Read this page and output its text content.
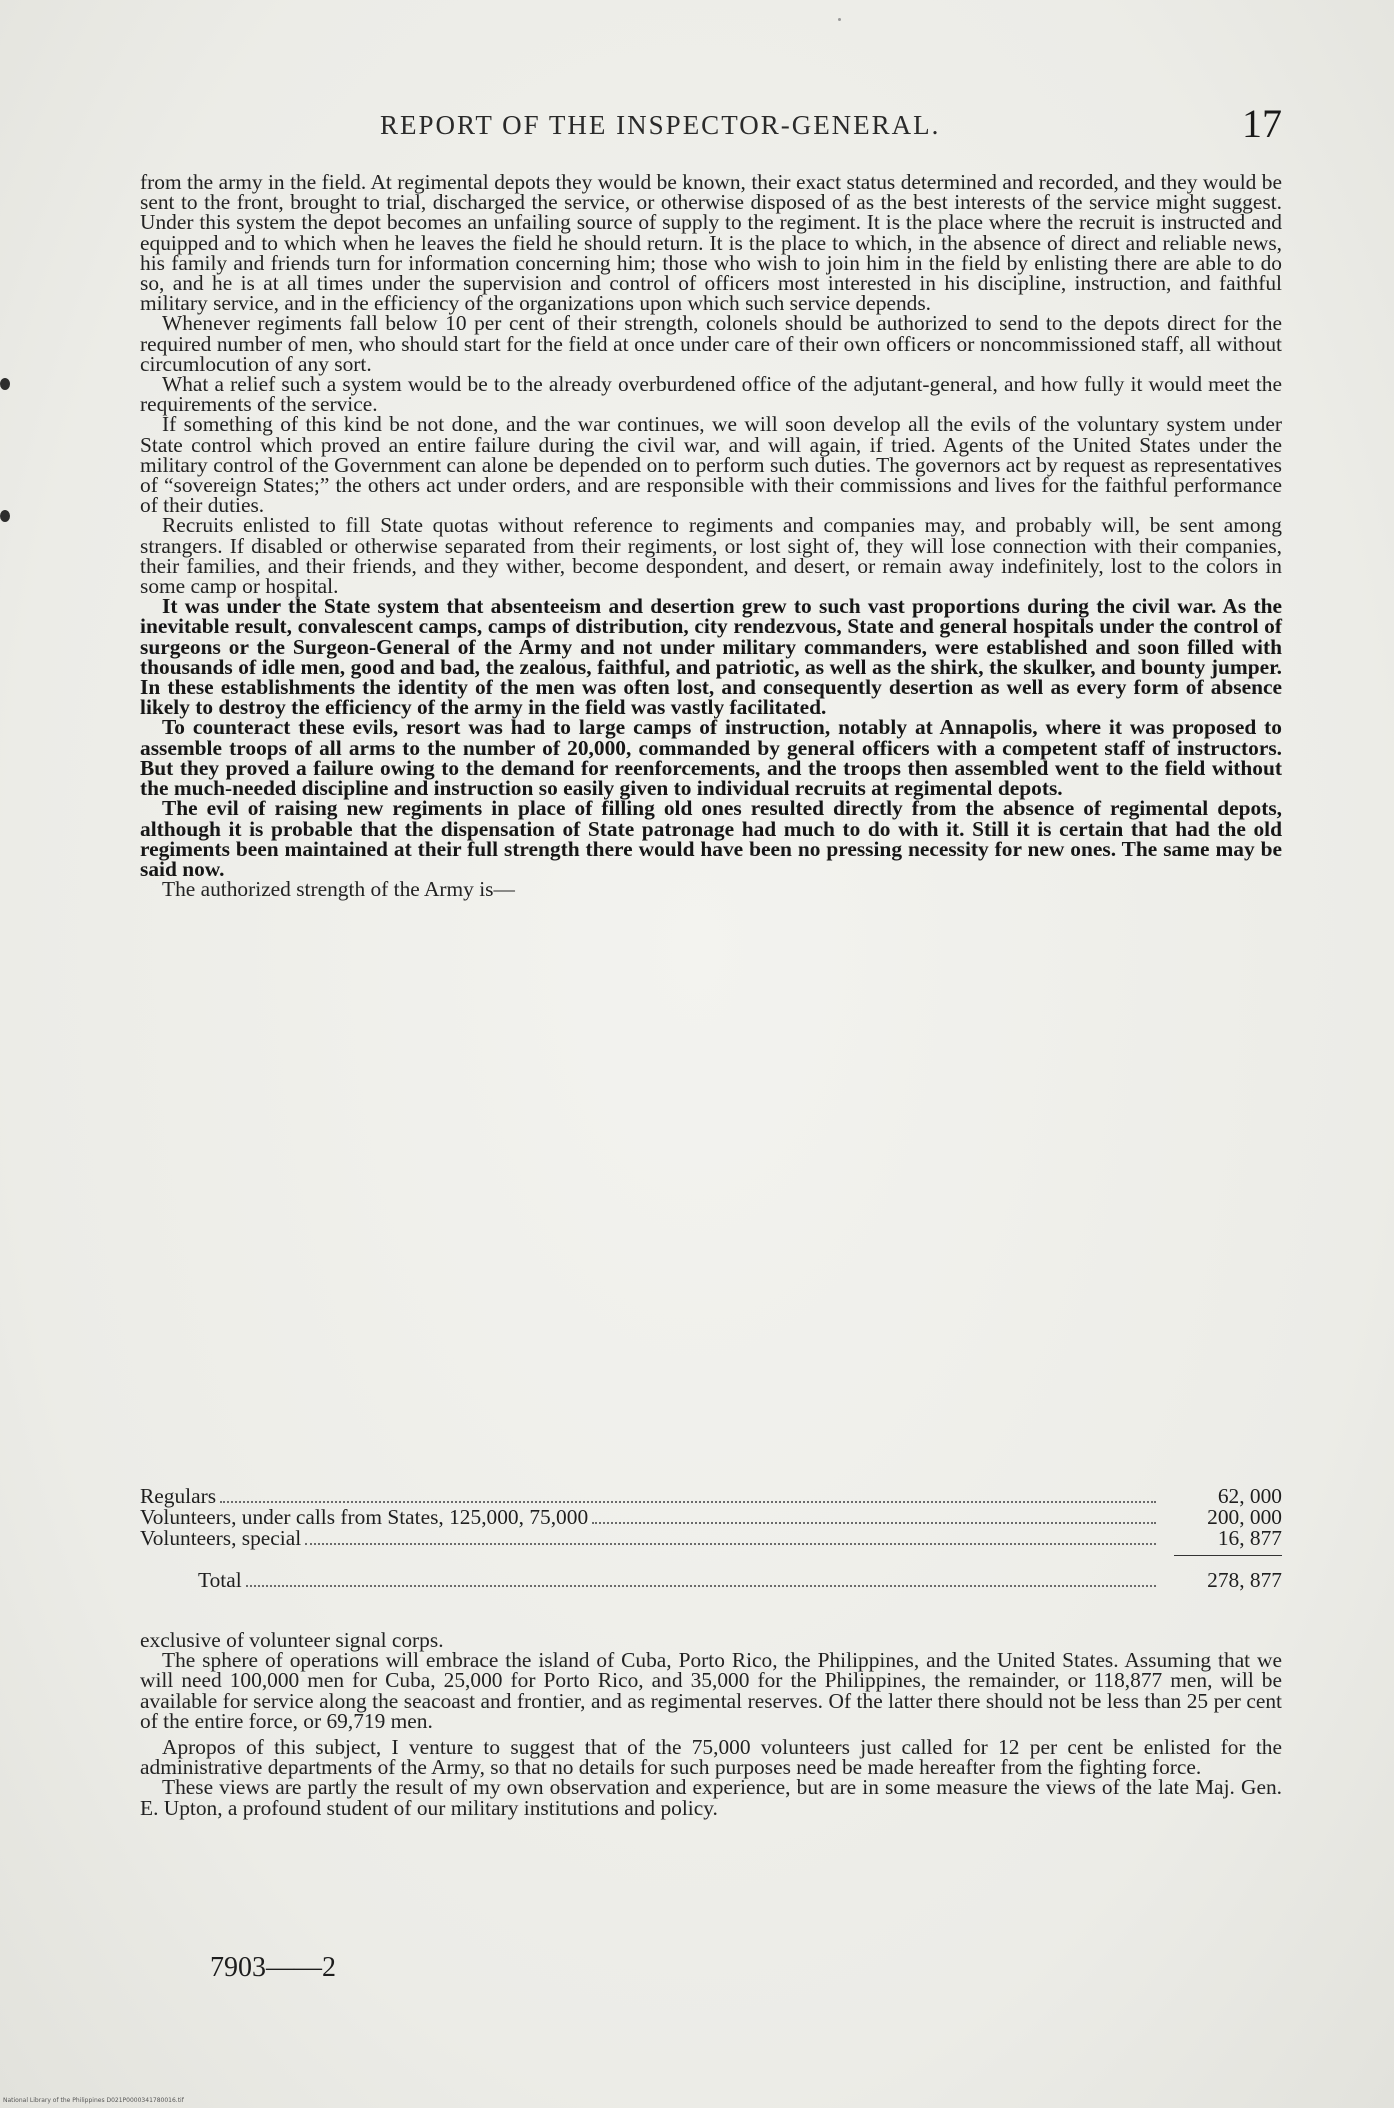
REPORT OF THE INSPECTOR-GENERAL.	17

from the army in the field. At regimental depots they would be known, their exact status determined and recorded, and they would be sent to the front, brought to trial, discharged the service, or otherwise disposed of as the best interests of the service might suggest. Under this system the depot becomes an unfailing source of supply to the regiment. It is the place where the recruit is instructed and equipped and to which when he leaves the field he should return. It is the place to which, in the absence of direct and reliable news, his family and friends turn for information concerning him; those who wish to join him in the field by enlisting there are able to do so, and he is at all times under the supervision and control of officers most interested in his discipline, instruction, and faithful military service, and in the efficiency of the organizations upon which such service depends.

Whenever regiments fall below 10 per cent of their strength, colonels should be authorized to send to the depots direct for the required number of men, who should start for the field at once under care of their own officers or noncommissioned staff, all without circumlocution of any sort.

What a relief such a system would be to the already overburdened office of the adjutant-general, and how fully it would meet the requirements of the service.

If something of this kind be not done, and the war continues, we will soon develop all the evils of the voluntary system under State control which proved an entire failure during the civil war, and will again, if tried. Agents of the United States under the military control of the Government can alone be depended on to perform such duties. The governors act by request as representatives of “sovereign States;” the others act under orders, and are responsible with their commissions and lives for the faithful performance of their duties.

Recruits enlisted to fill State quotas without reference to regiments and companies may, and probably will, be sent among strangers. If disabled or otherwise separated from their regiments, or lost sight of, they will lose connection with their companies, their families, and their friends, and they wither, become despondent, and desert, or remain away indefinitely, lost to the colors in some camp or hospital.

It was under the State system that absenteeism and desertion grew to such vast proportions during the civil war. As the inevitable result, convalescent camps, camps of distribution, city rendezvous, State and general hospitals under the control of surgeons or the Surgeon-General of the Army and not under military commanders, were established and soon filled with thousands of idle men, good and bad, the zealous, faithful, and patriotic, as well as the shirk, the skulker, and bounty jumper. In these establishments the identity of the men was often lost, and consequently desertion as well as every form of absence likely to destroy the efficiency of the army in the field was vastly facilitated.

To counteract these evils, resort was had to large camps of instruction, notably at Annapolis, where it was proposed to assemble troops of all arms to the number of 20,000, commanded by general officers with a competent staff of instructors. But they proved a failure owing to the demand for reenforcements, and the troops then assembled went to the field without the much-needed discipline and instruction so easily given to individual recruits at regimental depots.

The evil of raising new regiments in place of filling old ones resulted directly from the absence of regimental depots, although it is probable that the dispensation of State patronage had much to do with it. Still it is certain that had the old regiments been maintained at their full strength there would have been no pressing necessity for new ones. The same may be said now.

The authorized strength of the Army is—

Regulars	62, 000
Volunteers, under calls from States, 125,000, 75,000	200, 000
Volunteers, special	16, 877
Total	278, 877

exclusive of volunteer signal corps.

The sphere of operations will embrace the island of Cuba, Porto Rico, the Philippines, and the United States. Assuming that we will need 100,000 men for Cuba, 25,000 for Porto Rico, and 35,000 for the Philippines, the remainder, or 118,877 men, will be available for service along the seacoast and frontier, and as regimental reserves. Of the latter there should not be less than 25 per cent of the entire force, or 69,719 men.

Apropos of this subject, I venture to suggest that of the 75,000 volunteers just called for 12 per cent be enlisted for the administrative departments of the Army, so that no details for such purposes need be made hereafter from the fighting force.

These views are partly the result of my own observation and experience, but are in some measure the views of the late Maj. Gen. E. Upton, a profound student of our military institutions and policy.

7903——2
National Library of the Philippines D021P0000341780016.tif
